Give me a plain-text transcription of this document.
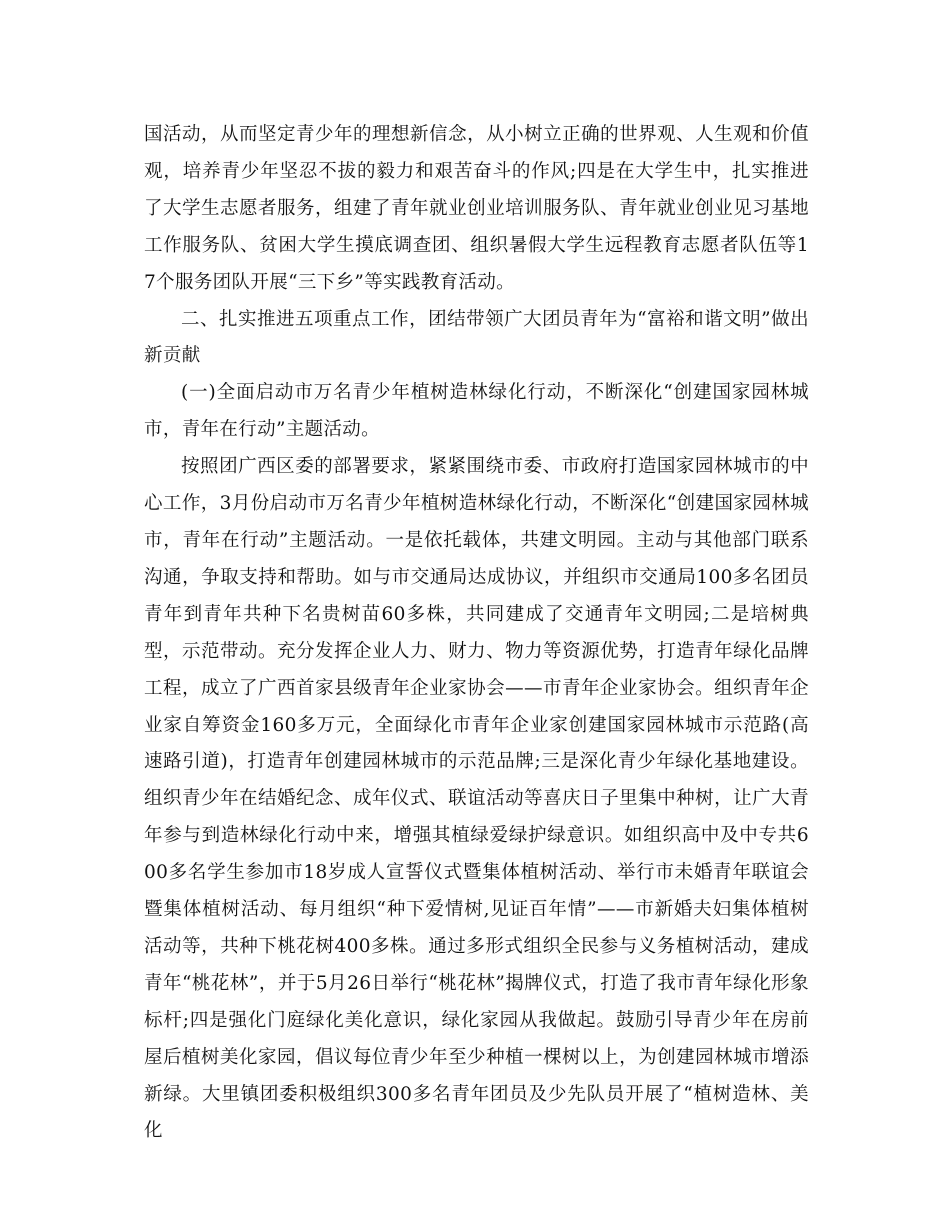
国活动，从而坚定青少年的理想新信念，从小树立正确的世界观、人生观和价值观，培养青少年坚忍不拔的毅力和艰苦奋斗的作风;四是在大学生中，扎实推进了大学生志愿者服务，组建了青年就业创业培训服务队、青年就业创业见习基地工作服务队、贫困大学生摸底调查团、组织暑假大学生远程教育志愿者队伍等17个服务团队开展“三下乡”等实践教育活动。

二、扎实推进五项重点工作，团结带领广大团员青年为“富裕和谐文明”做出新贡献

(一)全面启动市万名青少年植树造林绿化行动，不断深化“创建国家园林城市，青年在行动”主题活动。

按照团广西区委的部署要求，紧紧围绕市委、市政府打造国家园林城市的中心工作，3月份启动市万名青少年植树造林绿化行动，不断深化“创建国家园林城市，青年在行动”主题活动。一是依托载体，共建文明园。主动与其他部门联系沟通，争取支持和帮助。如与市交通局达成协议，并组织市交通局100多名团员青年到青年共种下名贵树苗60多株，共同建成了交通青年文明园;二是培树典型，示范带动。充分发挥企业人力、财力、物力等资源优势，打造青年绿化品牌工程，成立了广西首家县级青年企业家协会——市青年企业家协会。组织青年企业家自筹资金160多万元，全面绿化市青年企业家创建国家园林城市示范路(高速路引道)，打造青年创建园林城市的示范品牌;三是深化青少年绿化基地建设。组织青少年在结婚纪念、成年仪式、联谊活动等喜庆日子里集中种树，让广大青年参与到造林绿化行动中来，增强其植绿爱绿护绿意识。如组织高中及中专共600多名学生参加市18岁成人宣誓仪式暨集体植树活动、举行市未婚青年联谊会暨集体植树活动、每月组织“种下爱情树,见证百年情”——市新婚夫妇集体植树活动等，共种下桃花树400多株。通过多形式组织全民参与义务植树活动，建成青年“桃花林”，并于5月26日举行“桃花林”揭牌仪式，打造了我市青年绿化形象标杆;四是强化门庭绿化美化意识，绿化家园从我做起。鼓励引导青少年在房前屋后植树美化家园，倡议每位青少年至少种植一棵树以上，为创建园林城市增添新绿。大里镇团委积极组织300多名青年团员及少先队员开展了“植树造林、美化
